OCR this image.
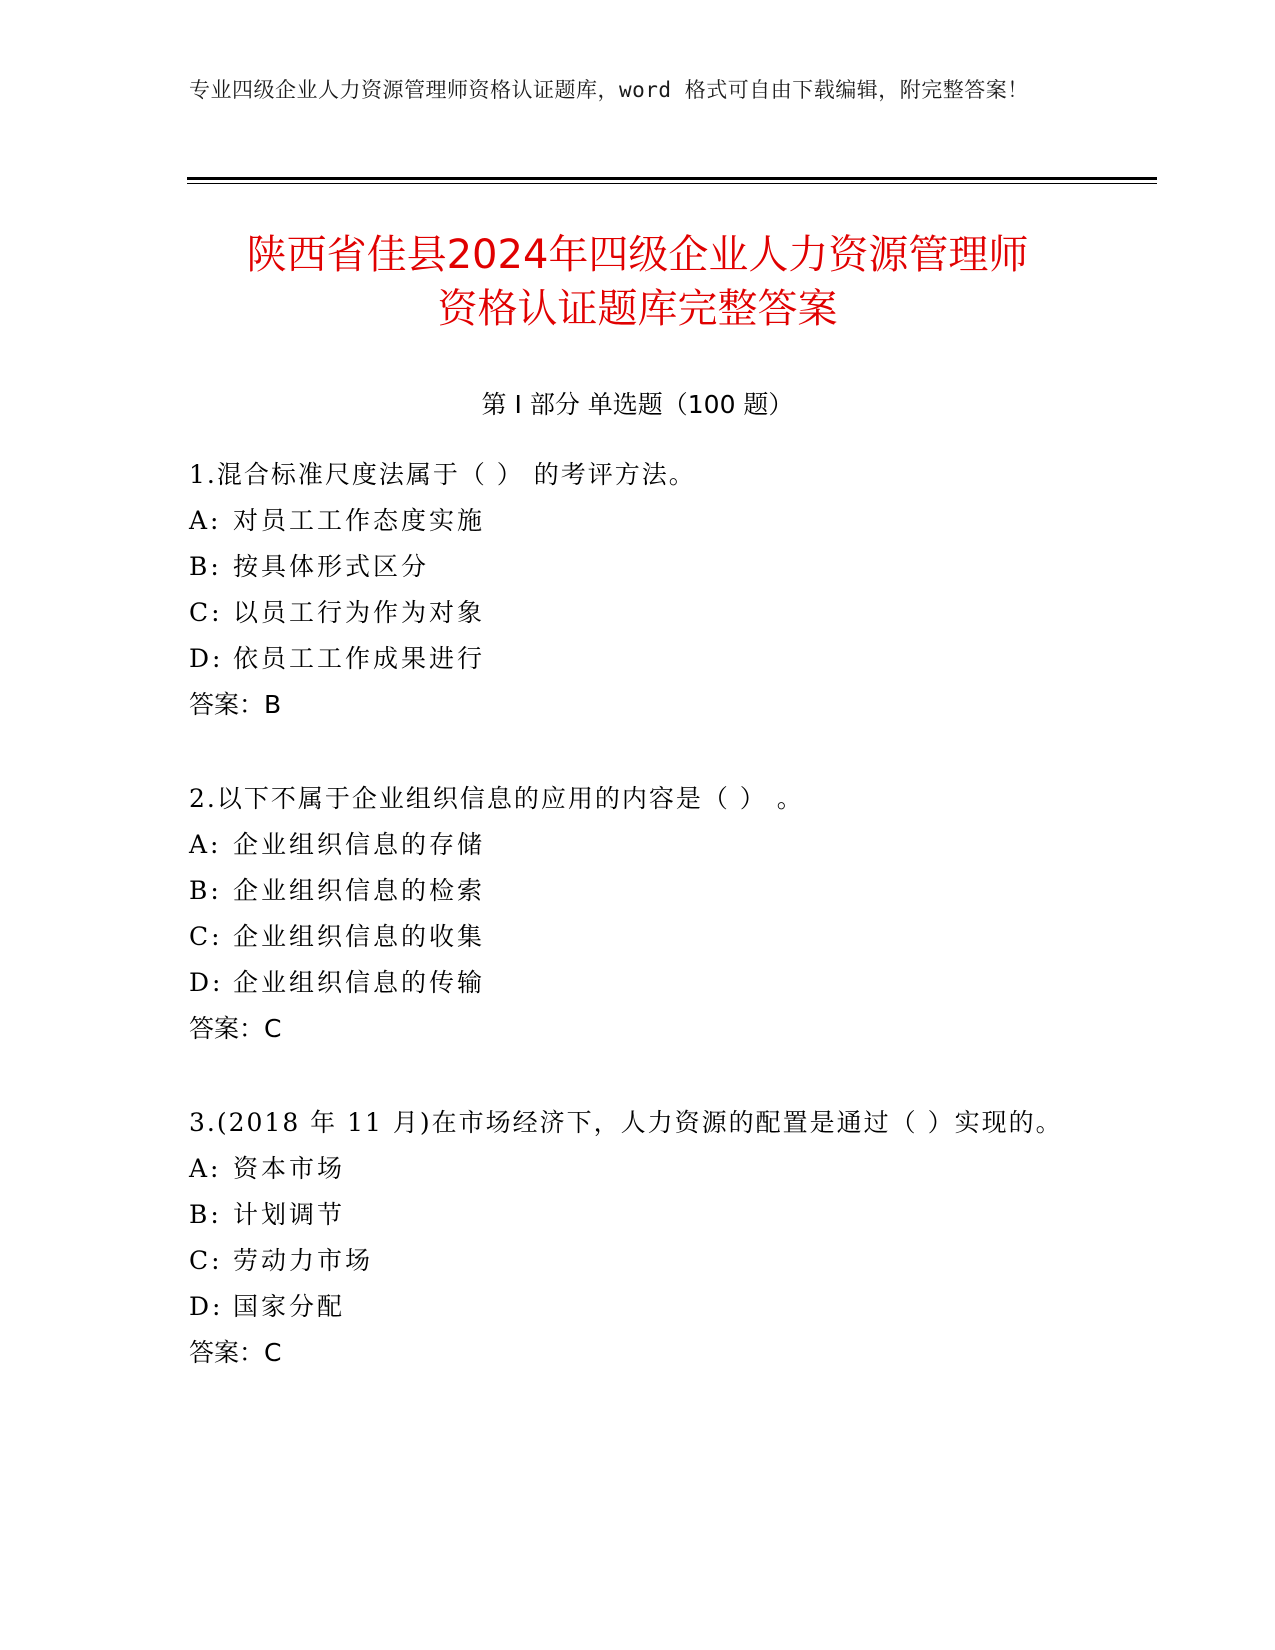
专业四级企业人力资源管理师资格认证题库，word 格式可自由下载编辑，附完整答案！
陕西省佳县2024年四级企业人力资源管理师
资格认证题库完整答案
第 I 部分 单选题（100 题）

1.混合标准尺度法属于（ ） 的考评方法。

A: 对员工工作态度实施

B: 按具体形式区分

C: 以员工行为作为对象

D: 依员工工作成果进行

答案：B

2.以下不属于企业组织信息的应用的内容是（ ） 。

A: 企业组织信息的存储

B: 企业组织信息的检索

C: 企业组织信息的收集

D: 企业组织信息的传输

答案：C

3.(2018 年 11 月)在市场经济下，人力资源的配置是通过（ ）实现的。

A: 资本市场

B: 计划调节

C: 劳动力市场

D: 国家分配

答案：C
